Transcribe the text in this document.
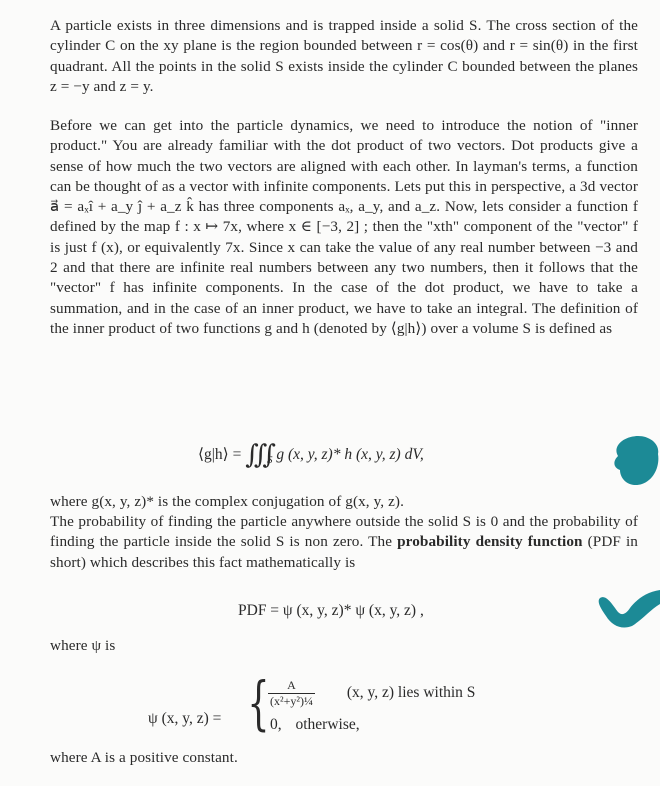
A particle exists in three dimensions and is trapped inside a solid S. The cross section of the cylinder C on the xy plane is the region bounded between r = cos(θ) and r = sin(θ) in the first quadrant. All the points in the solid S exists inside the cylinder C bounded between the planes z = −y and z = y.
Before we can get into the particle dynamics, we need to introduce the notion of "inner product." You are already familiar with the dot product of two vectors. Dot products give a sense of how much the two vectors are aligned with each other. In layman's terms, a function can be thought of as a vector with infinite components. Lets put this in perspective, a 3d vector a⃗ = aₓî + a_y ĵ + a_z k̂ has three components aₓ, a_y, and a_z. Now, lets consider a function f defined by the map f : x ↦ 7x, where x ∈ [−3, 2] ; then the "xth" component of the "vector" f is just f (x), or equivalently 7x. Since x can take the value of any real number between −3 and 2 and that there are infinite real numbers between any two numbers, then it follows that the "vector" f has infinite components. In the case of the dot product, we have to take a summation, and in the case of an inner product, we have to take an integral. The definition of the inner product of two functions g and h (denoted by ⟨g|h⟩) over a volume S is defined as
⟨g|h⟩ = $∭_S$ g (x, y, z)* h (x, y, z) dV,
where g(x, y, z)* is the complex conjugation of g(x, y, z).
The probability of finding the particle anywhere outside the solid S is 0 and the probability of finding the particle inside the solid S is non zero. The probability density function (PDF in short) which describes this fact mathematically is
PDF = ψ (x, y, z)* ψ (x, y, z) ,
where ψ is
ψ (x, y, z) = {
$\frac{A}{\text{(x²+y²)¼}} (x$, y, z) lies within S
0, otherwise,
where A is a positive constant.
